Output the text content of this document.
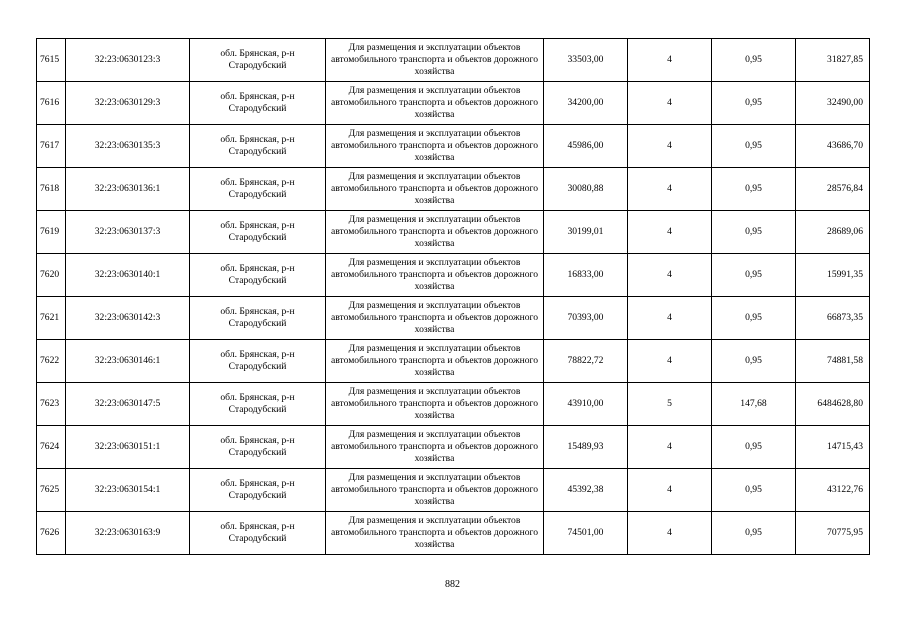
7615	32:23:0630123:3	обл. Брянская, р-н Стародубский	Для размещения и эксплуатации объектов автомобильного транспорта и объектов дорожного хозяйства	33503,00	4	0,95	31827,85
7616	32:23:0630129:3	обл. Брянская, р-н Стародубский	Для размещения и эксплуатации объектов автомобильного транспорта и объектов дорожного хозяйства	34200,00	4	0,95	32490,00
7617	32:23:0630135:3	обл. Брянская, р-н Стародубский	Для размещения и эксплуатации объектов автомобильного транспорта и объектов дорожного хозяйства	45986,00	4	0,95	43686,70
7618	32:23:0630136:1	обл. Брянская, р-н Стародубский	Для размещения и эксплуатации объектов автомобильного транспорта и объектов дорожного хозяйства	30080,88	4	0,95	28576,84
7619	32:23:0630137:3	обл. Брянская, р-н Стародубский	Для размещения и эксплуатации объектов автомобильного транспорта и объектов дорожного хозяйства	30199,01	4	0,95	28689,06
7620	32:23:0630140:1	обл. Брянская, р-н Стародубский	Для размещения и эксплуатации объектов автомобильного транспорта и объектов дорожного хозяйства	16833,00	4	0,95	15991,35
7621	32:23:0630142:3	обл. Брянская, р-н Стародубский	Для размещения и эксплуатации объектов автомобильного транспорта и объектов дорожного хозяйства	70393,00	4	0,95	66873,35
7622	32:23:0630146:1	обл. Брянская, р-н Стародубский	Для размещения и эксплуатации объектов автомобильного транспорта и объектов дорожного хозяйства	78822,72	4	0,95	74881,58
7623	32:23:0630147:5	обл. Брянская, р-н Стародубский	Для размещения и эксплуатации объектов автомобильного транспорта и объектов дорожного хозяйства	43910,00	5	147,68	6484628,80
7624	32:23:0630151:1	обл. Брянская, р-н Стародубский	Для размещения и эксплуатации объектов автомобильного транспорта и объектов дорожного хозяйства	15489,93	4	0,95	14715,43
7625	32:23:0630154:1	обл. Брянская, р-н Стародубский	Для размещения и эксплуатации объектов автомобильного транспорта и объектов дорожного хозяйства	45392,38	4	0,95	43122,76
7626	32:23:0630163:9	обл. Брянская, р-н Стародубский	Для размещения и эксплуатации объектов автомобильного транспорта и объектов дорожного хозяйства	74501,00	4	0,95	70775,95
882
